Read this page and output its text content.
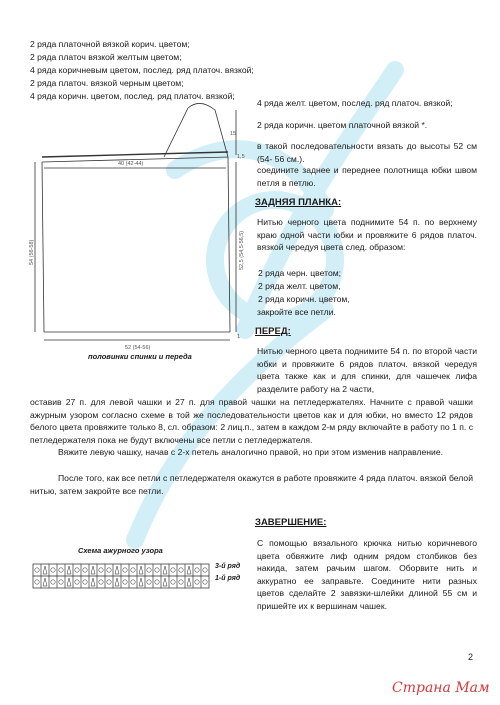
2 ряда платочной вязкой корич. цветом;
2 ряда платоч вязкой желтым цветом;
4 ряда коричневым цветом, послед. ряд платоч. вязкой;
2 ряда платоч. вязкой черным цветом;
4 ряда коричн. цветом, послед. ряд платоч. вязкой;
40 (42-44)
52 (54-56)
54 (56-58)	52,5 (54,5-56,5)
15
1,5
1
половинки спинки и переда
4 ряда желт. цветом, послед. ряд платоч. вязкой;
2 ряда коричн. цветом платочной вязкой *.
в такой последовательности вязать до высоты 52 см (54- 56 см.).
соедините заднее и переднее полотнища юбки швом петля в петлю.
ЗАДНЯЯ ПЛАНКА:
Нитью черного цвета поднимите 54 п. по верхнему краю одной части юбки и провяжите 6 рядов платоч. вязкой чередуя цвета след. образом:
2 ряда черн. цветом;
2 ряда желт. цветом,
2 ряда коричн. цветом,
закройте все петли.
ПЕРЕД:
Нитью черного цвета поднимите 54 п. по второй части юбки и провяжите 6 рядов платоч. вязкой чередуя цвета также как и для спинки, для чашечек лифа разделите работу на 2 части,
оставив 27 п. для левой чашки и 27 п. для правой чашки на петледержателях. Начните с правой чашки ажурным узором согласно схеме в той же последовательности цветов как и для юбки, но вместо 12 рядов белого цвета провяжите только 8, сл. образом: 2 лиц.п., затем в каждом 2-м ряду включайте в работу по 1 п. с петледержателя пока не будут включены все петли с петледержателя.
Вяжите левую чашку, начав с 2-х петель аналогично правой, но при этом изменив направление.
После того, как все петли с петледержателя окажутся в работе провяжите 4 ряда платоч. вязкой белой нитью, затем закройте все петли.
ЗАВЕРШЕНИЕ:
С помощью вязального крючка нитью коричневого цвета обвяжите лиф одним рядом столбиков без накида, затем рачьим шагом. Оборвите нить и аккуратно ее заправьте. Соедините нити разных цветов сделайте 2 завязки-шлейки длиной 55 см и пришейте их к вершинам чашек.
Схема ажурного узора
3-й ряд
1-й ряд
2
Страна Мам
